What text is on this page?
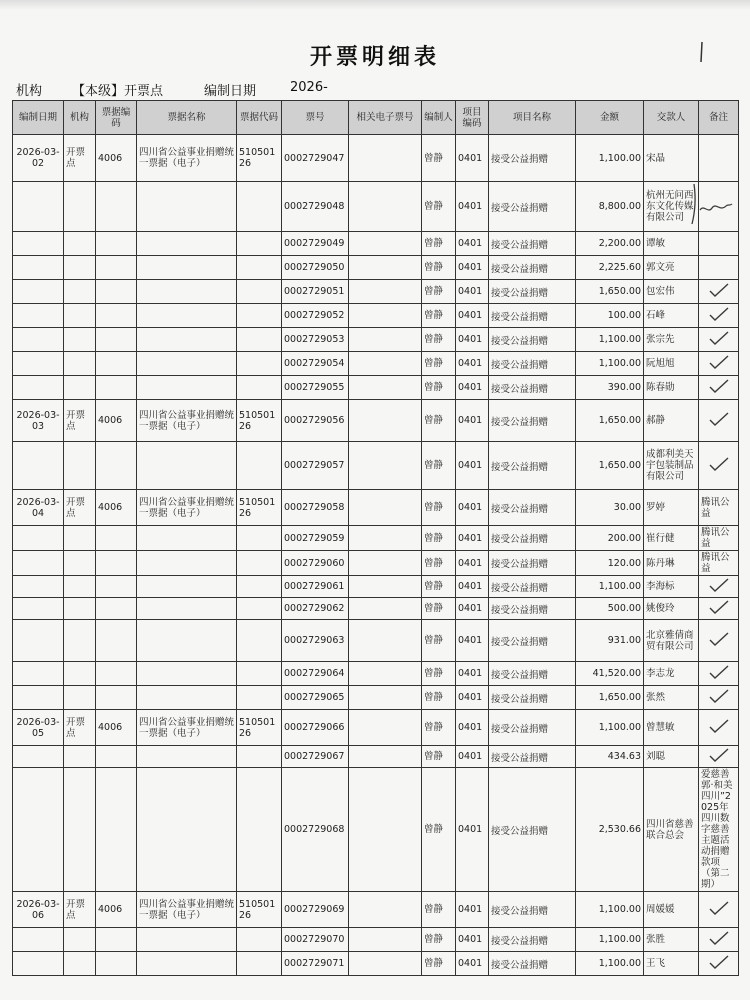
开票明细表
机构 【本级】开票点	编制日期	2026-
编制日期	机构	票据编码	票据名称	票据代码	票号	相关电子票号	编制人	项目编码	项目名称	金额	交款人	备注
2026-03-02	开票点	4006	四川省公益事业捐赠统一票据（电子）	51050126	0002729047		曾静	0401	接受公益捐赠	1,100.00	宋晶	
					0002729048		曾静	0401	接受公益捐赠	8,800.00	杭州无问西东文化传媒有限公司	
					0002729049		曾静	0401	接受公益捐赠	2,200.00	谭敏	
					0002729050		曾静	0401	接受公益捐赠	2,225.60	郭文亮	
					0002729051		曾静	0401	接受公益捐赠	1,650.00	包宏伟	
					0002729052		曾静	0401	接受公益捐赠	100.00	石峰	
					0002729053		曾静	0401	接受公益捐赠	1,100.00	张宗先	
					0002729054		曾静	0401	接受公益捐赠	1,100.00	阮旭旭	
					0002729055		曾静	0401	接受公益捐赠	390.00	陈春勋	
2026-03-03	开票点	4006	四川省公益事业捐赠统一票据（电子）	51050126	0002729056		曾静	0401	接受公益捐赠	1,650.00	郝静	
					0002729057		曾静	0401	接受公益捐赠	1,650.00	成都利美天宇包装制品有限公司	
2026-03-04	开票点	4006	四川省公益事业捐赠统一票据（电子）	51050126	0002729058		曾静	0401	接受公益捐赠	30.00	罗婷	腾讯公益
					0002729059		曾静	0401	接受公益捐赠	200.00	崔行健	腾讯公益
					0002729060		曾静	0401	接受公益捐赠	120.00	陈丹琳	腾讯公益
					0002729061		曾静	0401	接受公益捐赠	1,100.00	李海标	
					0002729062		曾静	0401	接受公益捐赠	500.00	姚俊玲	
					0002729063		曾静	0401	接受公益捐赠	931.00	北京雅倩商贸有限公司	
					0002729064		曾静	0401	接受公益捐赠	41,520.00	李志龙	
					0002729065		曾静	0401	接受公益捐赠	1,650.00	张然	
2026-03-05	开票点	4006	四川省公益事业捐赠统一票据（电子）	51050126	0002729066		曾静	0401	接受公益捐赠	1,100.00	曾慧敏	
					0002729067		曾静	0401	接受公益捐赠	434.63	刘聪	
					0002729068		曾静	0401	接受公益捐赠	2,530.66	四川省慈善联合总会	爱慈善郭·和美四川”2025年四川数字慈善主题活动捐赠款项（第二期）
2026-03-06	开票点	4006	四川省公益事业捐赠统一票据（电子）	51050126	0002729069		曾静	0401	接受公益捐赠	1,100.00	周媛媛	
					0002729070		曾静	0401	接受公益捐赠	1,100.00	张胜	
					0002729071		曾静	0401	接受公益捐赠	1,100.00	王飞	
